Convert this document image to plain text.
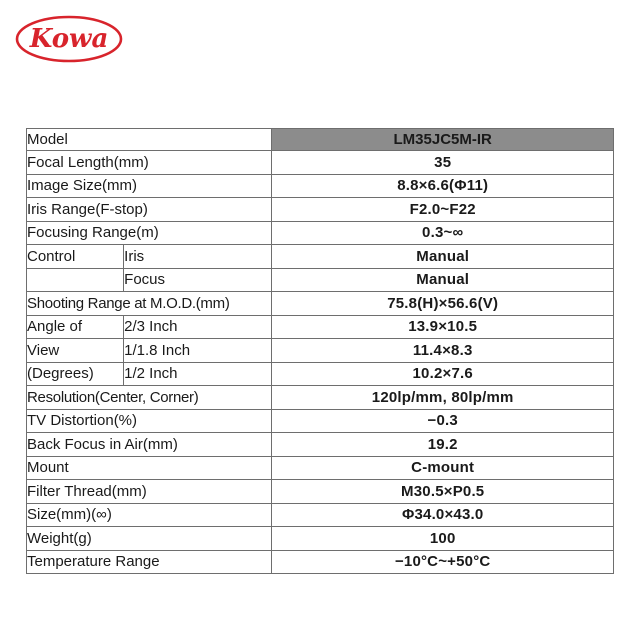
Kowa
Model		LM35JC5M-IR
Focal Length(mm)		35
Image Size(mm)		8.8×6.6(Φ11)
Iris Range(F-stop)		F2.0~F22
Focusing Range(m)		0.3~∞
Control	Iris	Manual
	Focus	Manual
Shooting Range at M.O.D.(mm)		75.8(H)×56.6(V)
Angle of	2/3 Inch	13.9×10.5
View	1/1.8 Inch	11.4×8.3
(Degrees)	1/2 Inch	10.2×7.6
Resolution(Center, Corner)		120lp/mm, 80lp/mm
TV Distortion(%)		−0.3
Back Focus in Air(mm)		19.2
Mount		C-mount
Filter Thread(mm)		M30.5×P0.5
Size(mm)(∞)		Φ34.0×43.0
Weight(g)		100
Temperature Range		−10°C~+50°C
